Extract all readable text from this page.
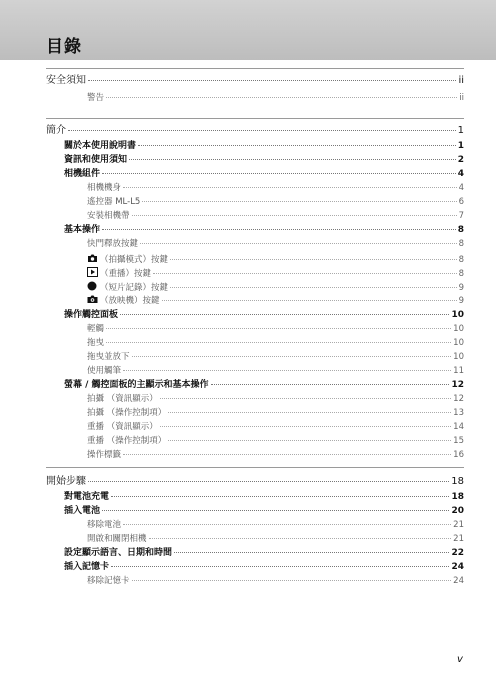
目錄
安全須知	ii
警告	ii
簡介	1
關於本使用說明書	1
資訊和使用須知	2
相機組件	4
相機機身	4
遙控器 ML-L5	6
安裝相機帶	7
基本操作	8
快門釋放按鍵	8
（拍攝模式）按鍵	8
（重播）按鍵	8
（短片記錄）按鍵	9
（放映機）按鍵	9
操作觸控面板	10
輕觸	10
拖曳	10
拖曳並放下	10
使用觸筆	11
螢幕 / 觸控面板的主顯示和基本操作	12
拍攝 （資訊顯示）	12
拍攝 （操作控制項）	13
重播 （資訊顯示）	14
重播 （操作控制項）	15
操作標籤	16
開始步驟	18
對電池充電	18
插入電池	20
移除電池	21
開啟和關閉相機	21
設定顯示語言、日期和時間	22
插入記憶卡	24
移除記憶卡	24
v
